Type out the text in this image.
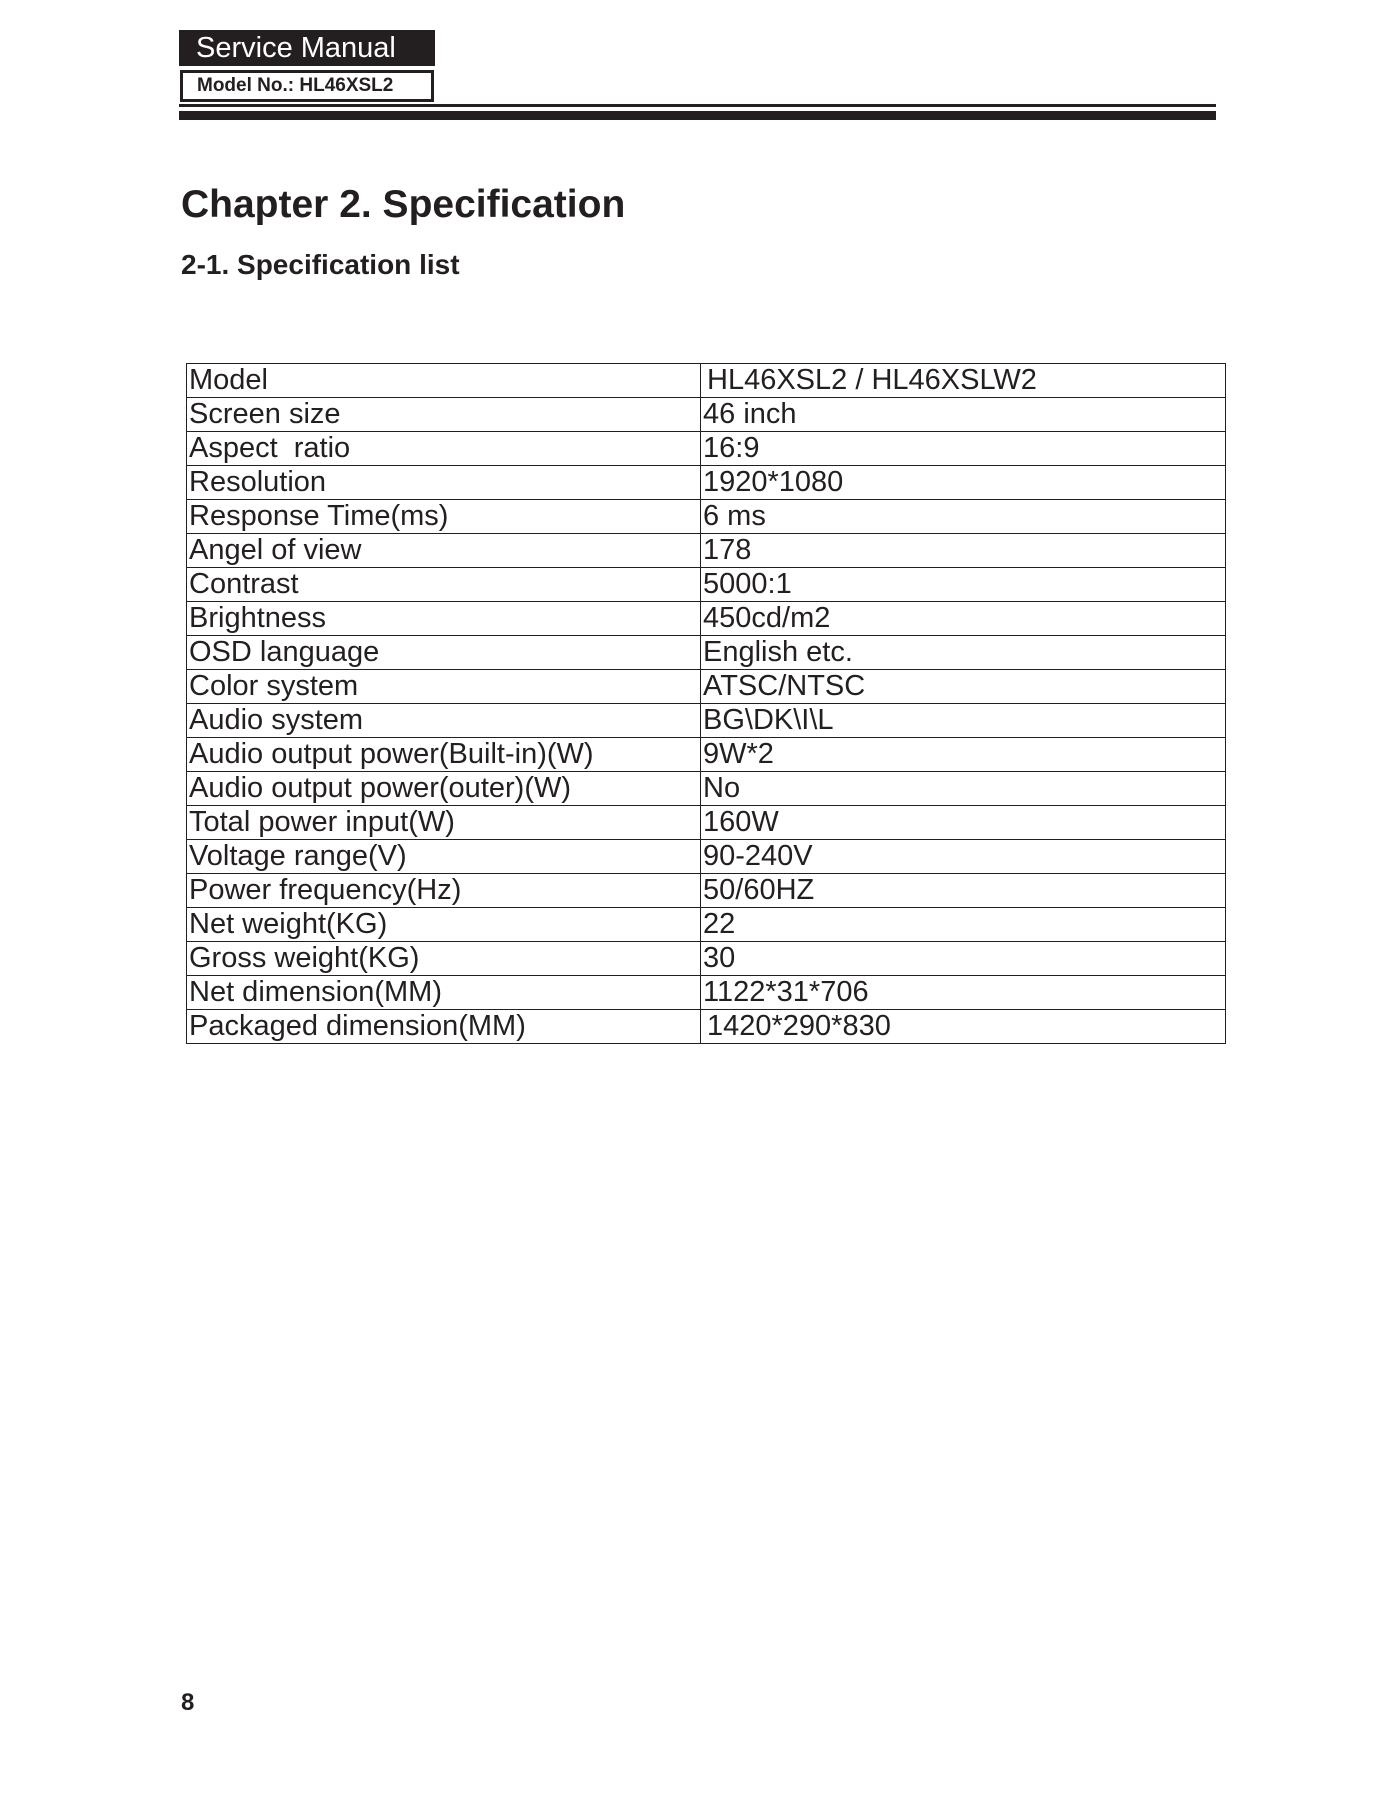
Service Manual
Model No.: HL46XSL2
Chapter 2. Specification
2-1. Specification list
Model	HL46XSL2 / HL46XSLW2
Screen size	46 inch
Aspect  ratio	16:9
Resolution	1920*1080
Response Time(ms)	6 ms
Angel of view	178
Contrast	5000:1
Brightness	450cd/m2
OSD language	English etc.
Color system	ATSC/NTSC
Audio system	BG\DK\I\L
Audio output power(Built-in)(W)	9W*2
Audio output power(outer)(W)	No
Total power input(W)	160W
Voltage range(V)	90-240V
Power frequency(Hz)	50/60HZ
Net weight(KG)	22
Gross weight(KG)	30
Net dimension(MM)	1122*31*706
Packaged dimension(MM)	1420*290*830
8
